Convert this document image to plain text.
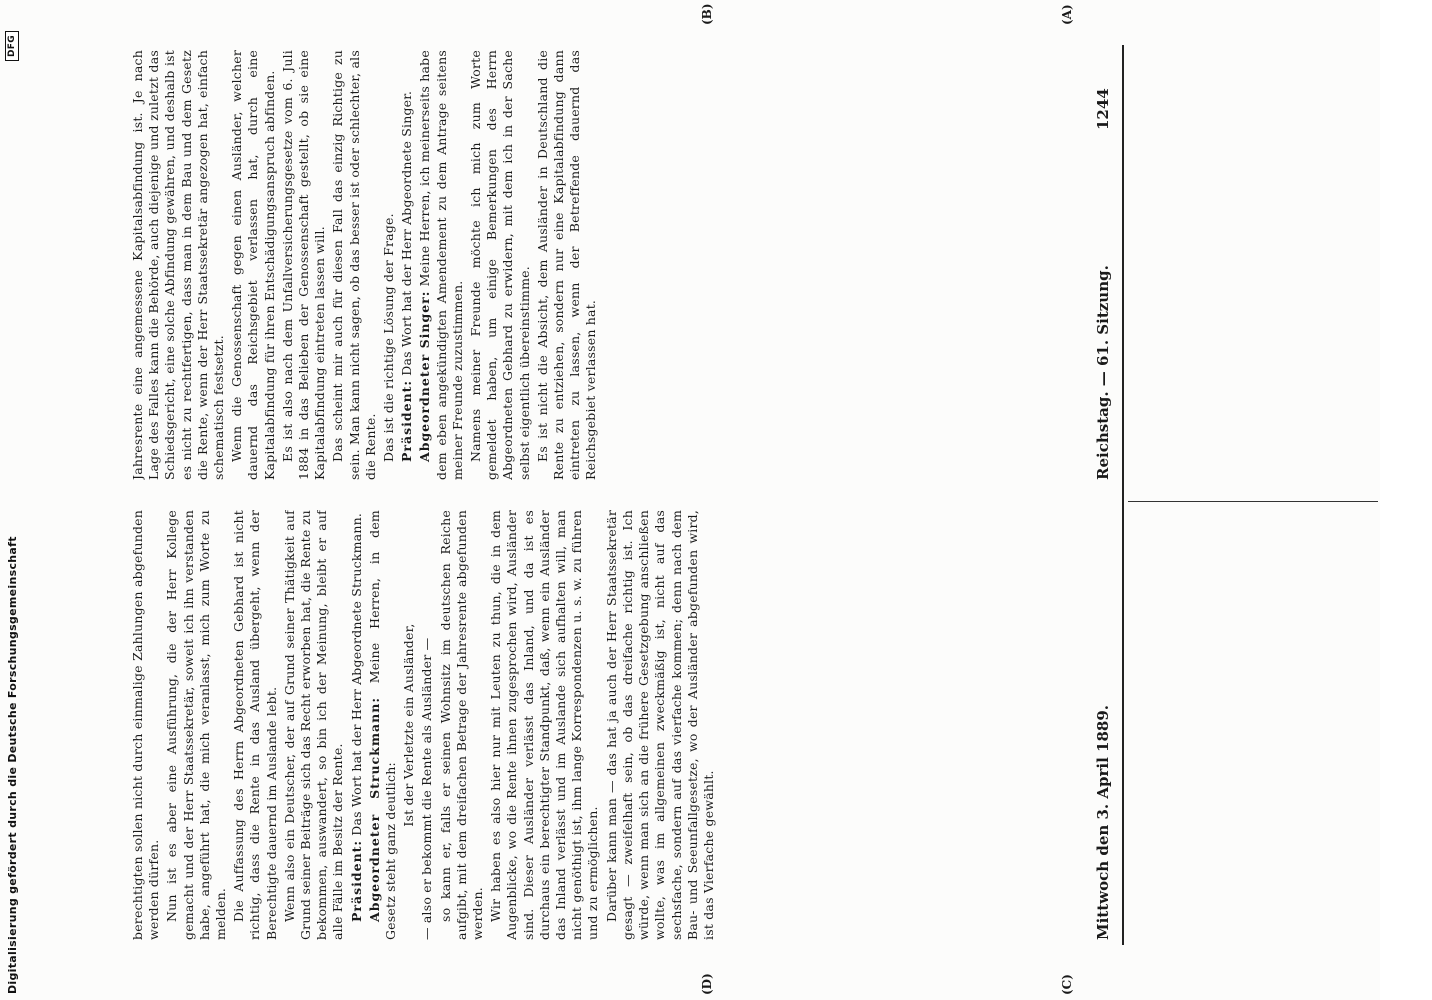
Digitalisierung gefördert durch die Deutsche Forschungsgemeinschaft
DFG
1244
Reichstag. — 61. Sitzung.
Mittwoch den 3. April 1889.
(A)
(B)
(C)
(D)

Jahresrente eine angemessene Kapitalsabfindung ist. Je nach Lage des Falles kann die Behörde, auch diejenige und zuletzt das Schiedsgericht, eine solche Abfindung gewähren, und deshalb ist es nicht zu rechtfertigen, dass man in dem Bau und dem Gesetz die Rente, wenn der Herr Staatssekretär angezogen hat, einfach schematisch festsetzt. Wenn die Genossenschaft gegen einen Ausländer, welcher dauernd das Reichsgebiet verlassen hat, durch eine Kapitalabfindung für ihren Entschädigungsanspruch abfinden. Es ist also nach dem Unfallversicherungsgesetze vom 6. Juli 1884 in das Belieben der Genossenschaft gestellt, ob sie eine Kapitalabfindung eintreten lassen will. Das scheint mir auch für diesen Fall das einzig Richtige zu sein. Man kann nicht sagen, ob das besser ist oder schlechter, als die Rente. Das ist die richtige Lösung der Frage. Präsident: Das Wort hat der Herr Abgeordnete Singer.

Abgeordneter Singer: Meine Herren, ich meinerseits habe dem eben angekündigten Amendement zu dem Antrage seitens meiner Freunde zuzustimmen. Namens meiner Freunde möchte ich mich zum Worte gemeldet haben, um einige Bemerkungen des Herrn Abgeordneten Gebhard zu erwidern, mit dem ich in der Sache selbst eigentlich übereinstimme. Es ist nicht die Absicht, dem Ausländer in Deutschland die Rente zu entziehen, sondern nur eine Kapitalabfindung dann eintreten zu lassen, wenn der Betreffende dauernd das Reichsgebiet verlassen hat.

berechtigten sollen nicht durch einmalige Zahlungen abgefunden werden dürfen. Nun ist es aber eine Ausführung, die der Herr Kollege gemacht und der Herr Staatssekretär, soweit ich ihn verstanden habe, angeführt hat, die mich veranlasst, mich zum Worte zu melden. Die Auffassung des Herrn Abgeordneten Gebhard ist nicht richtig, dass die Rente in das Ausland übergeht, wenn der Berechtigte dauernd im Auslande lebt. Wenn also ein Deutscher, der auf Grund seiner Thätigkeit auf Grund seiner Beiträge sich das Recht erworben hat, die Rente zu bekommen, auswandert, so bin ich der Meinung, bleibt er auf alle Fälle im Besitz der Rente. Präsident: Das Wort hat der Herr Abgeordnete Struckmann. Abgeordneter Struckmann: Meine Herren, in dem Gesetz steht ganz deutlich:

Ist der Verletzte ein Ausländer, — also er bekommt die Rente als Ausländer — so kann er, falls er seinen Wohnsitz im deutschen Reiche aufgibt, mit dem dreifachen Betrage der Jahresrente abgefunden werden. Wir haben es also hier nur mit Leuten zu thun, die in dem Augenblicke, wo die Rente ihnen zugesprochen wird, Ausländer sind. Dieser Ausländer verlässt das Inland, und da ist es durchaus ein berechtigter Standpunkt, daß, wenn ein Ausländer das Inland verlässt und im Auslande sich aufhalten will, man nicht genöthigt ist, ihm lange Korrespondenzen u. s. w. zu führen und zu ermöglichen. Darüber kann man — das hat ja auch der Herr Staatssekretär gesagt — zweifelhaft sein, ob das dreifache richtig ist. Ich würde, wenn man sich an die frühere Gesetzgebung anschließen wollte, was im allgemeinen zweckmäßig ist, nicht auf das sechsfache, sondern auf das vierfache kommen; denn nach dem Bau- und Seeunfallgesetze, wo der Ausländer abgefunden wird, ist das Vierfache gewählt.
